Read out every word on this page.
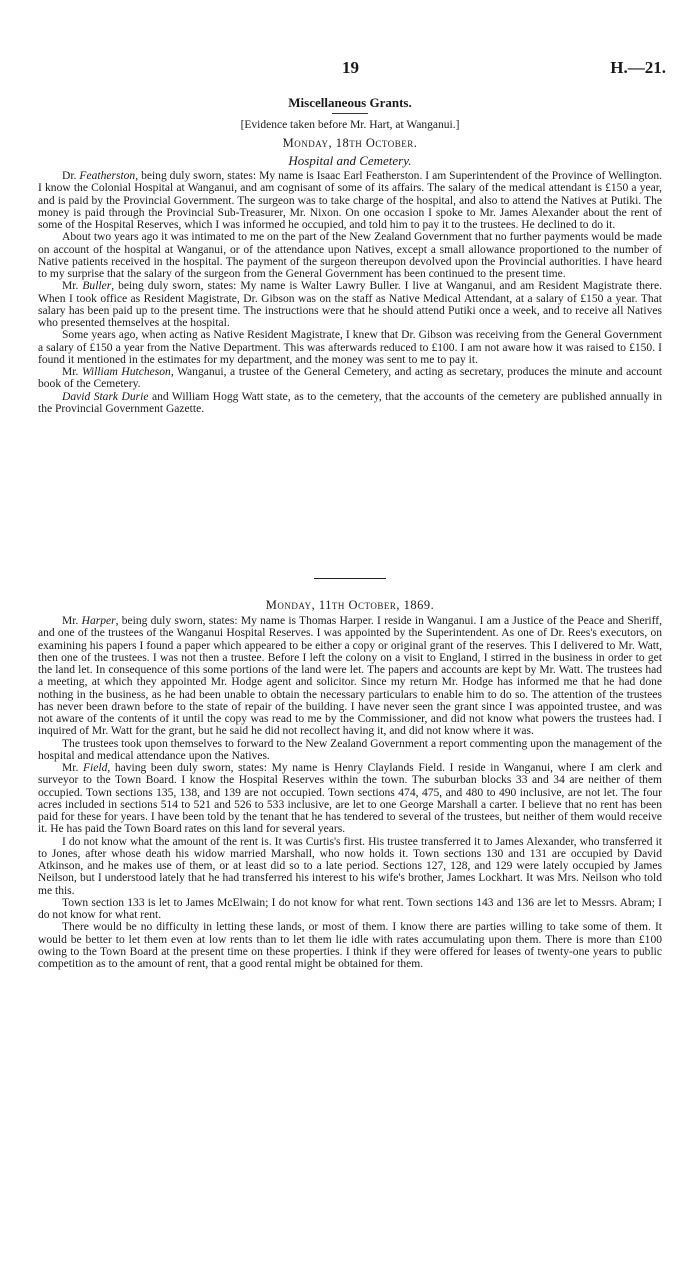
19	H.—21.
Miscellaneous Grants.
[Evidence taken before Mr. Hart, at Wanganui.]
Monday, 18th October.
Hospital and Cemetery.

Dr. Featherston, being duly sworn, states: My name is Isaac Earl Featherston. I am Superintendent of the Province of Wellington. I know the Colonial Hospital at Wanganui, and am cognisant of some of its affairs. The salary of the medical attendant is £150 a year, and is paid by the Provincial Government. The surgeon was to take charge of the hospital, and also to attend the Natives at Putiki. The money is paid through the Provincial Sub-Treasurer, Mr. Nixon. On one occasion I spoke to Mr. James Alexander about the rent of some of the Hospital Reserves, which I was informed he occupied, and told him to pay it to the trustees. He declined to do it.

About two years ago it was intimated to me on the part of the New Zealand Government that no further payments would be made on account of the hospital at Wanganui, or of the attendance upon Natives, except a small allowance proportioned to the number of Native patients received in the hospital. The payment of the surgeon thereupon devolved upon the Provincial authorities. I have heard to my surprise that the salary of the surgeon from the General Government has been continued to the present time.

Mr. Buller, being duly sworn, states: My name is Walter Lawry Buller. I live at Wanganui, and am Resident Magistrate there. When I took office as Resident Magistrate, Dr. Gibson was on the staff as Native Medical Attendant, at a salary of £150 a year. That salary has been paid up to the present time. The instructions were that he should attend Putiki once a week, and to receive all Natives who presented themselves at the hospital.

Some years ago, when acting as Native Resident Magistrate, I knew that Dr. Gibson was receiving from the General Government a salary of £150 a year from the Native Department. This was afterwards reduced to £100. I am not aware how it was raised to £150. I found it mentioned in the estimates for my department, and the money was sent to me to pay it.

Mr. William Hutcheson, Wanganui, a trustee of the General Cemetery, and acting as secretary, produces the minute and account book of the Cemetery.

David Stark Durie and William Hogg Watt state, as to the cemetery, that the accounts of the cemetery are published annually in the Provincial Government Gazette.

Monday, 11th October, 1869.

Mr. Harper, being duly sworn, states: My name is Thomas Harper. I reside in Wanganui. I am a Justice of the Peace and Sheriff, and one of the trustees of the Wanganui Hospital Reserves. I was appointed by the Superintendent. As one of Dr. Rees's executors, on examining his papers I found a paper which appeared to be either a copy or original grant of the reserves. This I delivered to Mr. Watt, then one of the trustees. I was not then a trustee. Before I left the colony on a visit to England, I stirred in the business in order to get the land let. In consequence of this some portions of the land were let. The papers and accounts are kept by Mr. Watt. The trustees had a meeting, at which they appointed Mr. Hodge agent and solicitor. Since my return Mr. Hodge has informed me that he had done nothing in the business, as he had been unable to obtain the necessary particulars to enable him to do so. The attention of the trustees has never been drawn before to the state of repair of the building. I have never seen the grant since I was appointed trustee, and was not aware of the contents of it until the copy was read to me by the Commissioner, and did not know what powers the trustees had. I inquired of Mr. Watt for the grant, but he said he did not recollect having it, and did not know where it was.

The trustees took upon themselves to forward to the New Zealand Government a report commenting upon the management of the hospital and medical attendance upon the Natives.

Mr. Field, having been duly sworn, states: My name is Henry Claylands Field. I reside in Wanganui, where I am clerk and surveyor to the Town Board. I know the Hospital Reserves within the town. The suburban blocks 33 and 34 are neither of them occupied. Town sections 135, 138, and 139 are not occupied. Town sections 474, 475, and 480 to 490 inclusive, are not let. The four acres included in sections 514 to 521 and 526 to 533 inclusive, are let to one George Marshall a carter. I believe that no rent has been paid for these for years. I have been told by the tenant that he has tendered to several of the trustees, but neither of them would receive it. He has paid the Town Board rates on this land for several years.

I do not know what the amount of the rent is. It was Curtis's first. His trustee transferred it to James Alexander, who transferred it to Jones, after whose death his widow married Marshall, who now holds it. Town sections 130 and 131 are occupied by David Atkinson, and he makes use of them, or at least did so to a late period. Sections 127, 128, and 129 were lately occupied by James Neilson, but I understood lately that he had transferred his interest to his wife's brother, James Lockhart. It was Mrs. Neilson who told me this.

Town section 133 is let to James McElwain; I do not know for what rent. Town sections 143 and 136 are let to Messrs. Abram; I do not know for what rent.

There would be no difficulty in letting these lands, or most of them. I know there are parties willing to take some of them. It would be better to let them even at low rents than to let them lie idle with rates accumulating upon them. There is more than £100 owing to the Town Board at the present time on these properties. I think if they were offered for leases of twenty-one years to public competition as to the amount of rent, that a good rental might be obtained for them.
